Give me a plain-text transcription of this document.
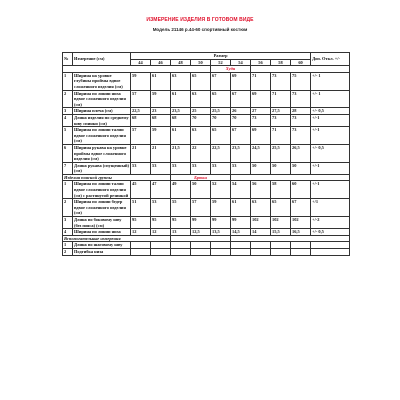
ИЗМЕРЕНИЕ ИЗДЕЛИЯ В ГОТОВОМ ВИДЕ
Модель 21146 р.44-60 спортивный костюм
№	Измерение (см)	Размер									Доп. Откл. +/-
		44	46	48	50	52	54	56	58	60	
						Худи					
1	Ширина на уровне глубины проймы вдвое сложенного изделия (см)	59	61	63	65	67	69	71	73	75	+/- 1
2	Ширина по линии низа вдвое сложенного изделия (см)	57	59	61	63	65	67	69	71	73	+/- 1
3	Ширина плеча (см)	22,5	23	23,5	25	25,5	26	27	27,5	28	+/- 0,5
4	Длина изделия по среднему шву спинки (см)	68	68	68	70	70	70	73	73	73	+/-1
5	Ширина по линии талии вдвое сложенного изделия (см)	57	59	61	63	65	67	69	71	73	+/-1
6	Ширина рукава на уровне проймы вдвое сложенного изделия (см)	21	21	21,5	22	22,5	23,5	24,5	25,5	26,5	+/- 0,5
7	Длина рукава (спущенный) (см)	53	53	53	53	53	53	50	50	50	+/-1
Изделия поясной группы				Брюки							
1	Ширина по линии талии вдвое сложенного изделия (см) с растянутой резинкой	45	47	49	50	52	54	56	58	60	+/-1
2	Ширина по линии бедер вдвое сложенного изделия (см)	51	53	55	57	59	61	63	65	67	+/1
3	Длина по боковому шву (без пояса) (см)	95	95	95	99	99	99	102	102	102	+/-2
4	Ширина по линии низа	12	12	13	12,5	13,5	14,5	14	15,5	16,5	+/- 0,5
Вспомогательные измерения											
1	Длина по шаговому шву										
2	Подгибка низа										
